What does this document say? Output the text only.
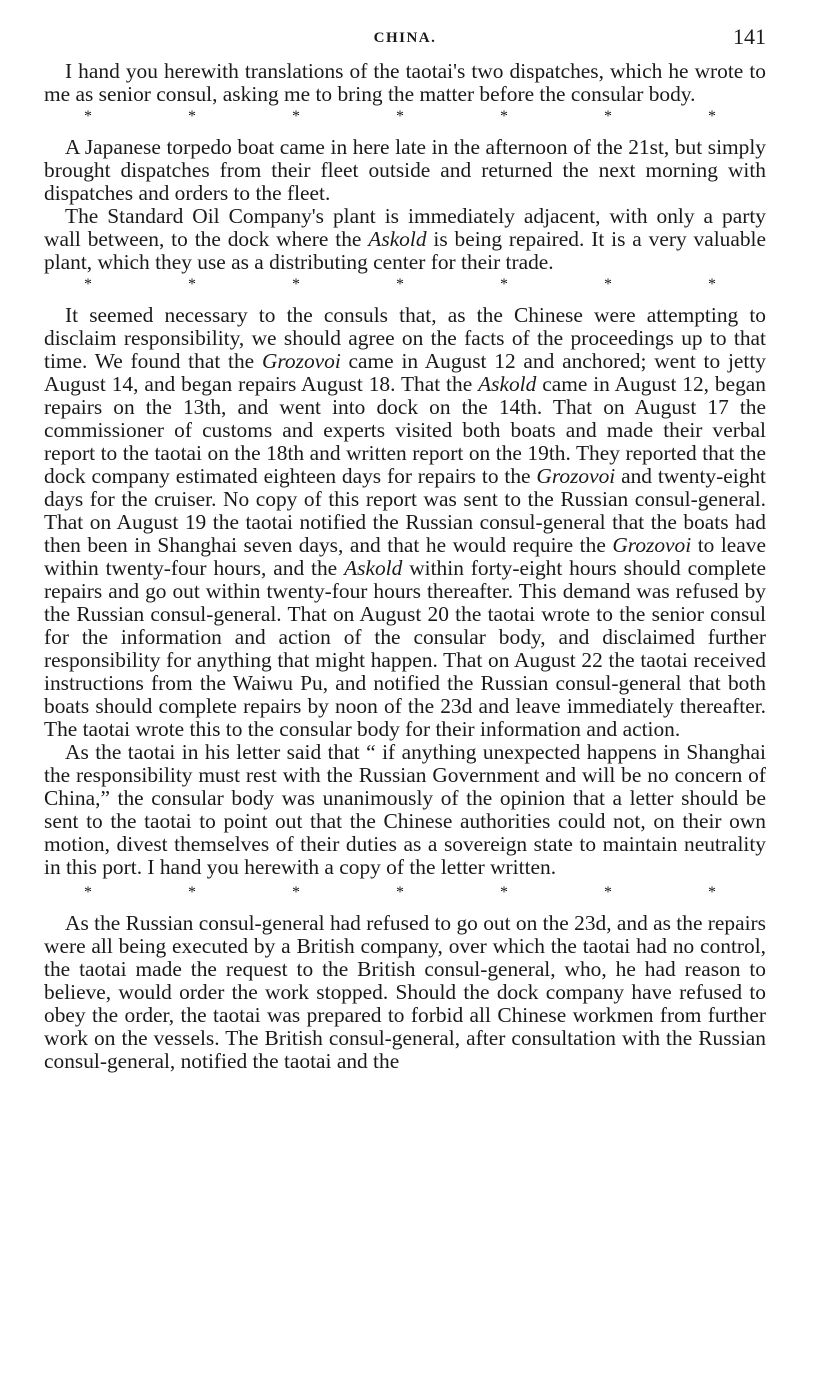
CHINA.	141

I hand you herewith translations of the taotai's two dispatches, which he wrote to me as senior consul, asking me to bring the matter before the consular body.

*	*	*	*	*	*	*

A Japanese torpedo boat came in here late in the afternoon of the 21st, but simply brought dispatches from their fleet outside and returned the next morning with dispatches and orders to the fleet.

The Standard Oil Company's plant is immediately adjacent, with only a party wall between, to the dock where the Askold is being repaired. It is a very valuable plant, which they use as a distributing center for their trade.

*	*	*	*	*	*	*

It seemed necessary to the consuls that, as the Chinese were attempting to disclaim responsibility, we should agree on the facts of the proceedings up to that time. We found that the Grozovoi came in August 12 and anchored; went to jetty August 14, and began repairs August 18. That the Askold came in August 12, began repairs on the 13th, and went into dock on the 14th. That on August 17 the commissioner of customs and experts visited both boats and made their verbal report to the taotai on the 18th and written report on the 19th. They reported that the dock company estimated eighteen days for repairs to the Grozovoi and twenty-eight days for the cruiser. No copy of this report was sent to the Russian consul-general. That on August 19 the taotai notified the Russian consul-general that the boats had then been in Shanghai seven days, and that he would require the Grozovoi to leave within twenty-four hours, and the Askold within forty-eight hours should complete repairs and go out within twenty-four hours thereafter. This demand was refused by the Russian consul-general. That on August 20 the taotai wrote to the senior consul for the information and action of the consular body, and disclaimed further responsibility for anything that might happen. That on August 22 the taotai received instructions from the Waiwu Pu, and notified the Russian consul-general that both boats should complete repairs by noon of the 23d and leave immediately thereafter. The taotai wrote this to the consular body for their information and action.

As the taotai in his letter said that “ if anything unexpected happens in Shanghai the responsibility must rest with the Russian Government and will be no concern of China,” the consular body was unanimously of the opinion that a letter should be sent to the taotai to point out that the Chinese authorities could not, on their own motion, divest themselves of their duties as a sovereign state to maintain neutrality in this port. I hand you herewith a copy of the letter written.

*	*	*	*	*	*	*

As the Russian consul-general had refused to go out on the 23d, and as the repairs were all being executed by a British company, over which the taotai had no control, the taotai made the request to the British consul-general, who, he had reason to believe, would order the work stopped. Should the dock company have refused to obey the order, the taotai was prepared to forbid all Chinese workmen from further work on the vessels. The British consul-general, after consultation with the Russian consul-general, notified the taotai and the
